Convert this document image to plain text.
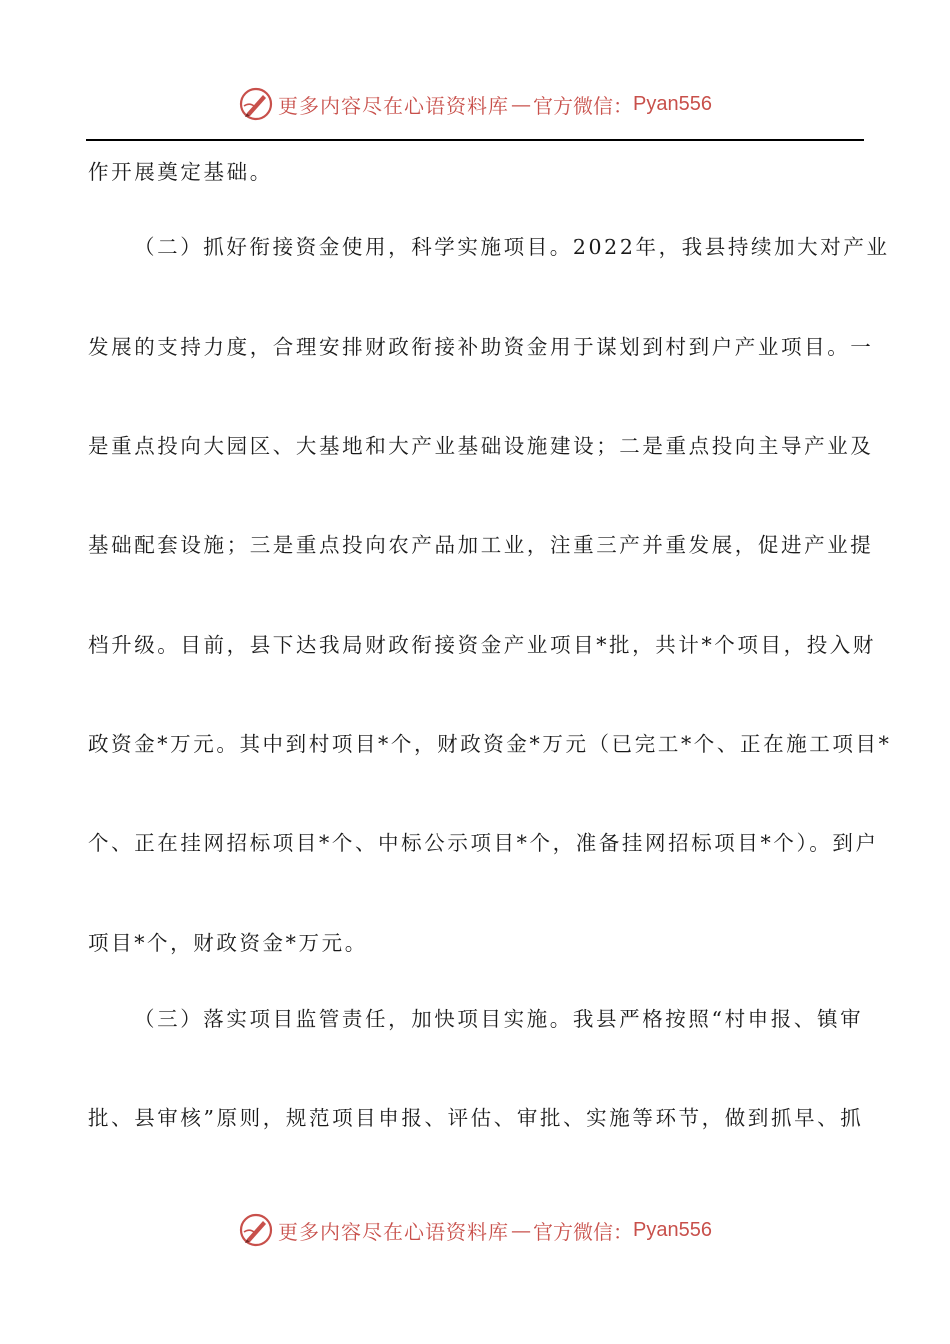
更多内容尽在心语资料库 — 官方微信： Pyan556
作开展奠定基础。
（二）抓好衔接资金使用，科学实施项目。2022年，我县持续加大对产业
发展的支持力度，合理安排财政衔接补助资金用于谋划到村到户产业项目。一
是重点投向大园区、大基地和大产业基础设施建设；二是重点投向主导产业及
基础配套设施；三是重点投向农产品加工业，注重三产并重发展，促进产业提
档升级。目前，县下达我局财政衔接资金产业项目*批，共计*个项目，投入财
政资金*万元。其中到村项目*个，财政资金*万元（已完工*个、正在施工项目*
个、正在挂网招标项目*个、中标公示项目*个，准备挂网招标项目*个）。到户
项目*个，财政资金*万元。
（三）落实项目监管责任，加快项目实施。我县严格按照“村申报、镇审
批、县审核”原则，规范项目申报、评估、审批、实施等环节，做到抓早、抓
更多内容尽在心语资料库 — 官方微信： Pyan556
